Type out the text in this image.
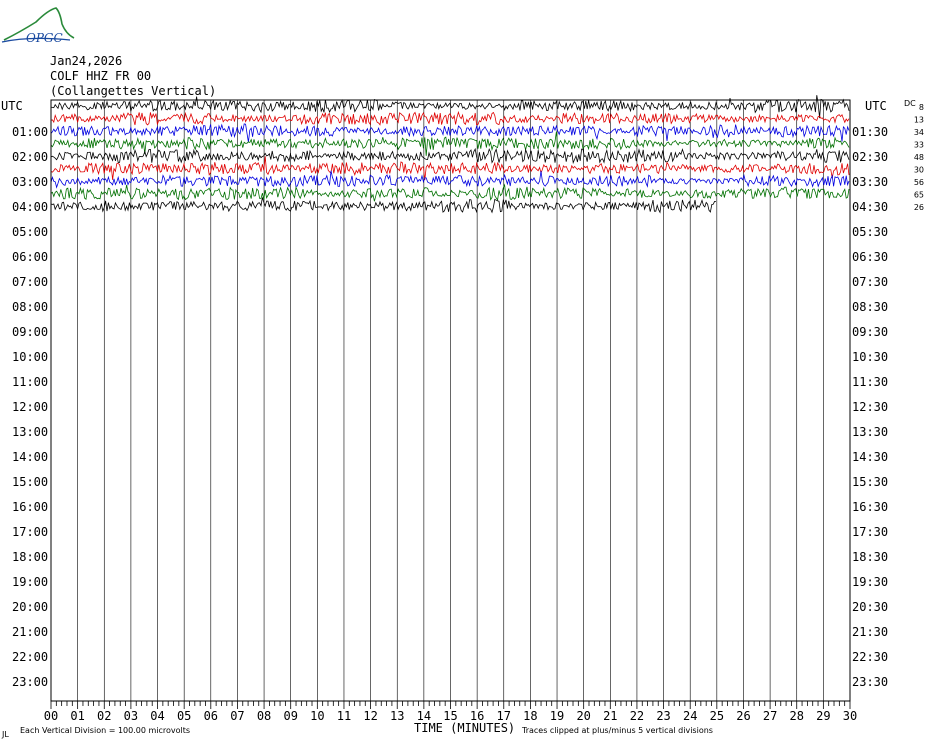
OPGC
Jan24,2026
COLF HHZ FR 00
(Collangettes Vertical)
00 01 02 03 04 05 06 07 08 09 10 11 12 13 14 15 16 17 18 19 20 21 22 23 24 25 26 27 28 29 30
01:00
02:00
03:00
04:00
05:00
06:00
07:00
08:00
09:00
10:00
11:00
12:00
13:00
14:00
15:00
16:00
17:00
18:00
19:00
20:00
21:00
22:00
23:00
01:30
02:30
03:30
04:30
05:30
06:30
07:30
08:30
09:30
10:30
11:30
12:30
13:30
14:30
15:30
16:30
17:30
18:30
19:30
20:30
21:30
22:30
23:30
8
13
34
33
48
30
56
65
26
UTC	UTC DC
TIME (MINUTES)
Each Vertical Division = 100.00 microvolts	Traces clipped at plus/minus 5 vertical divisions
JL
